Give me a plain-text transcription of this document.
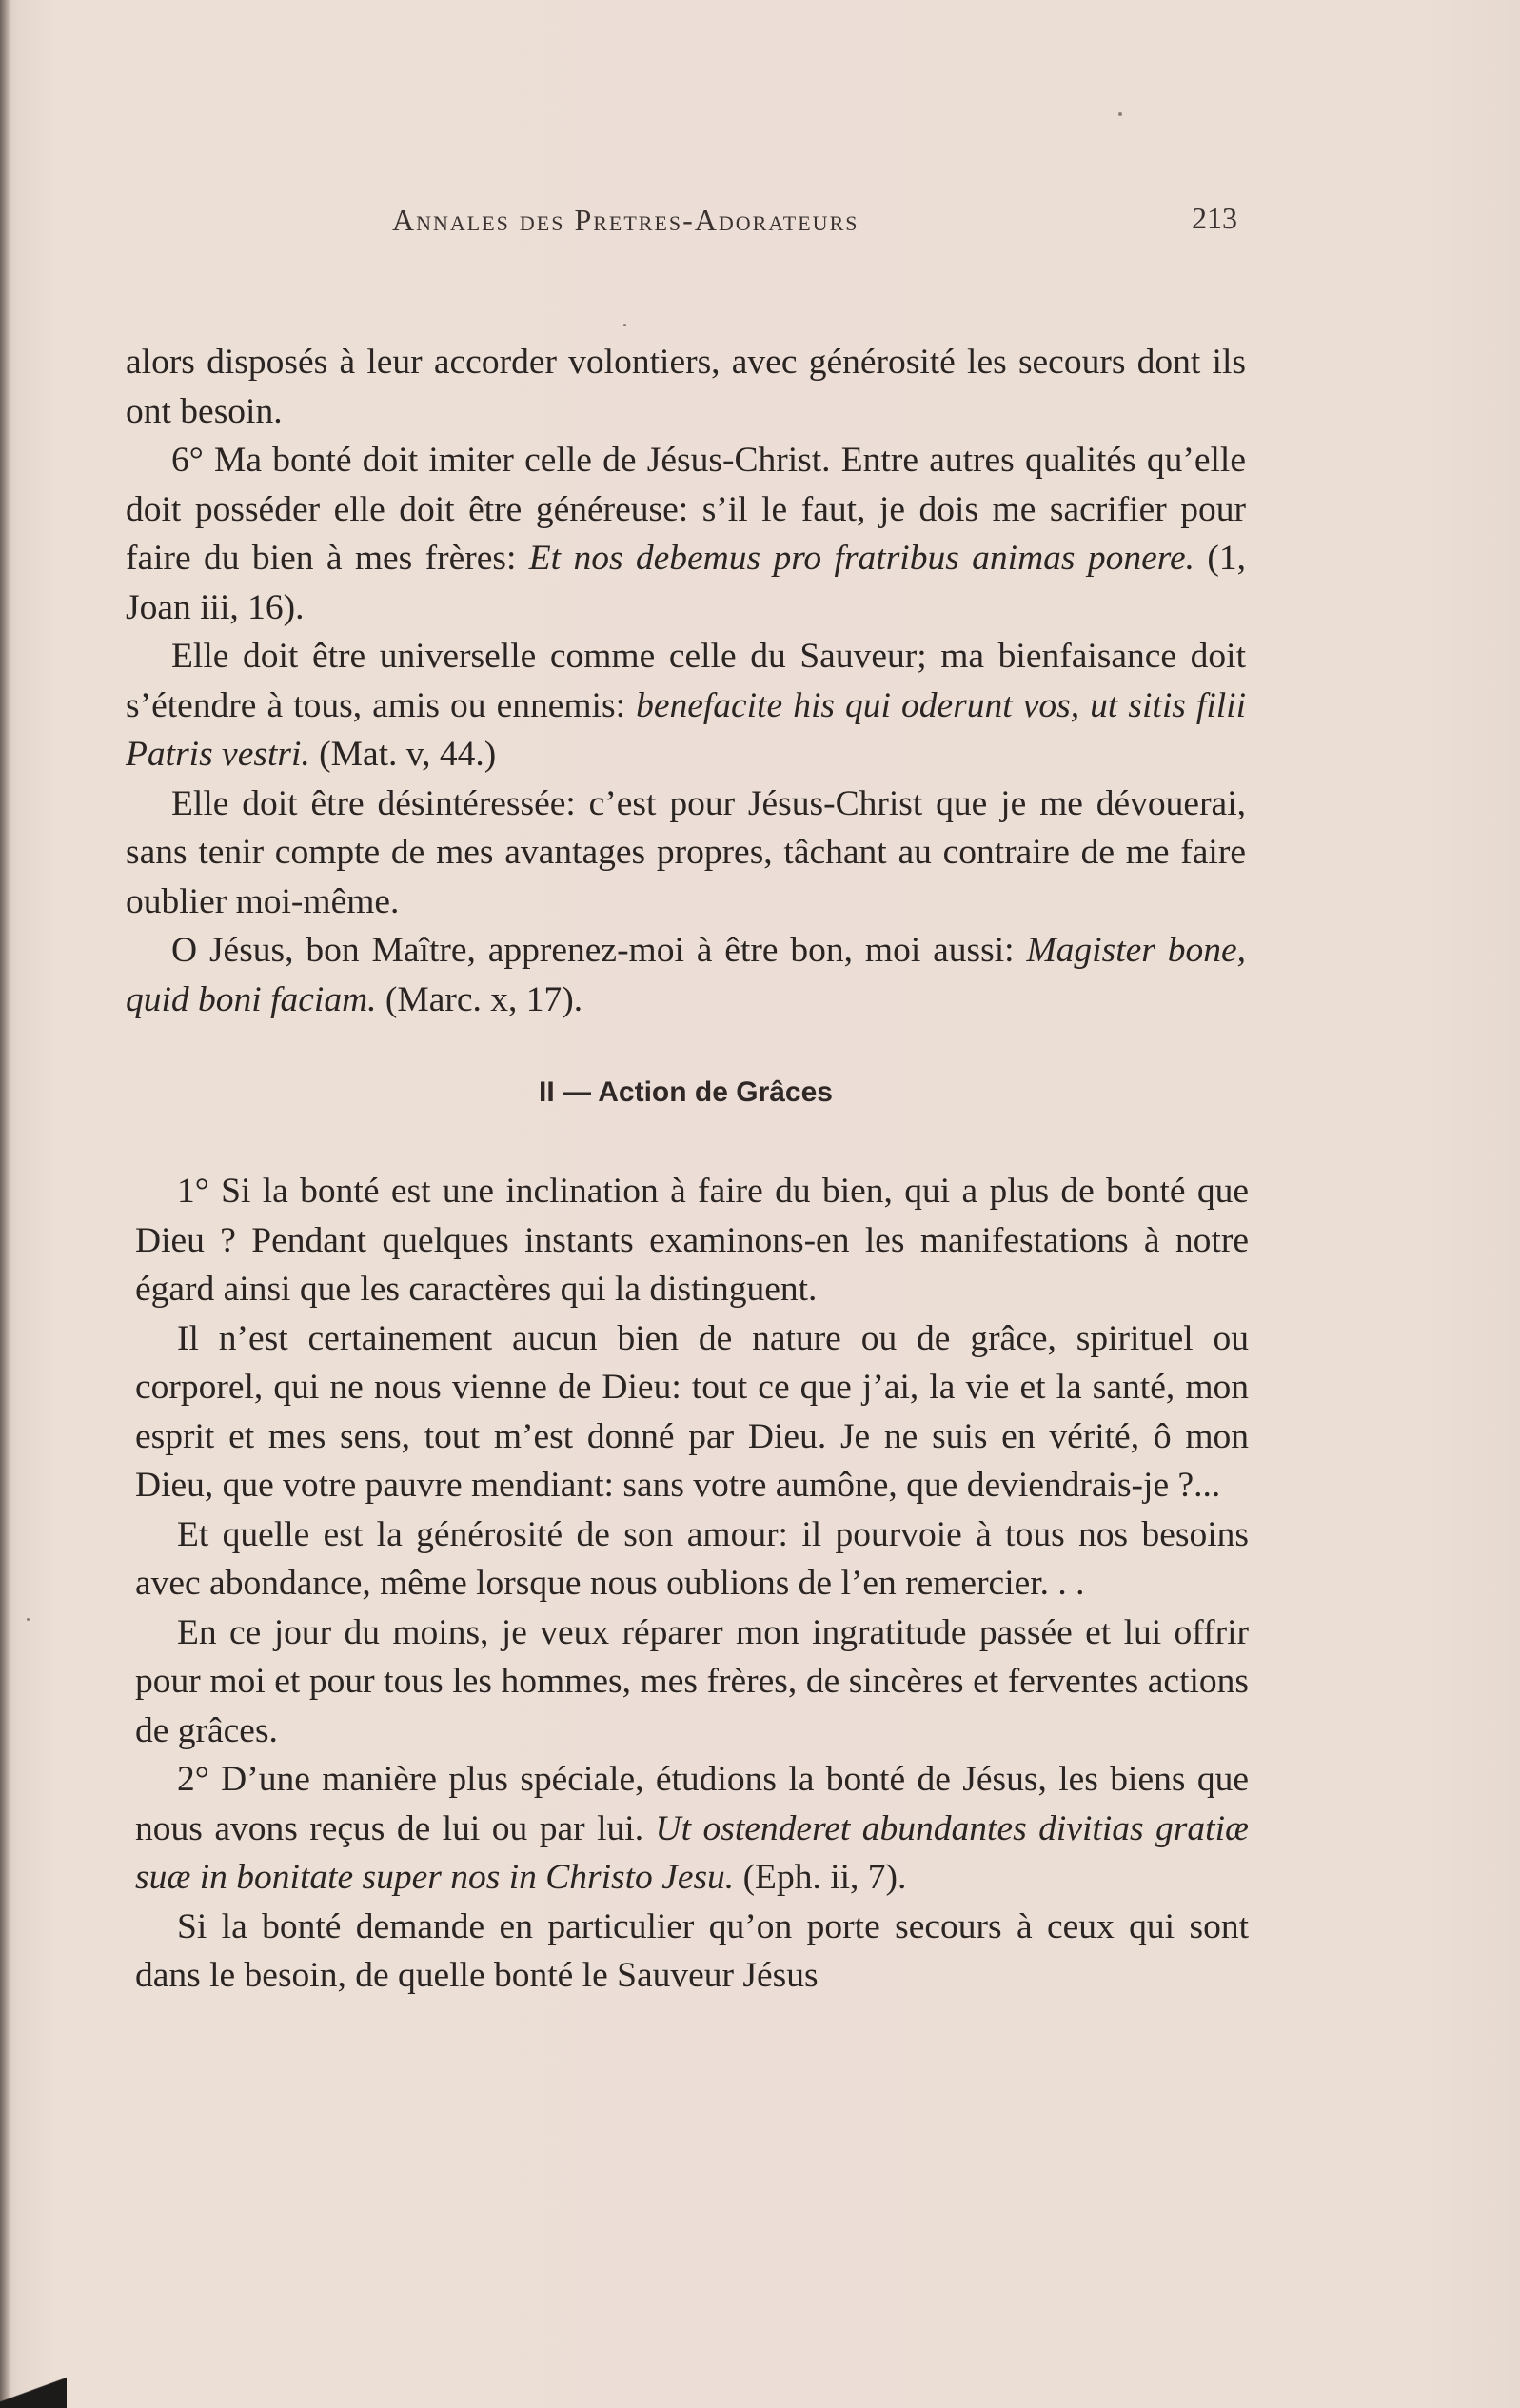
Annales des Pretres-Adorateurs	213

alors disposés à leur accorder volontiers, avec générosité les secours dont ils ont besoin.

6° Ma bonté doit imiter celle de Jésus-Christ. Entre autres qualités qu’elle doit posséder elle doit être généreuse: s’il le faut, je dois me sacrifier pour faire du bien à mes frères: Et nos debemus pro fratribus animas ponere. (1, Joan iii, 16).

Elle doit être universelle comme celle du Sauveur; ma bienfaisance doit s’étendre à tous, amis ou ennemis: benefacite his qui oderunt vos, ut sitis filii Patris vestri. (Mat. v, 44.)

Elle doit être désintéressée: c’est pour Jésus-Christ que je me dévouerai, sans tenir compte de mes avantages propres, tâchant au contraire de me faire oublier moi-même.

O Jésus, bon Maître, apprenez-moi à être bon, moi aussi: Magister bone, quid boni faciam. (Marc. x, 17).

II — Action de Grâces

1° Si la bonté est une inclination à faire du bien, qui a plus de bonté que Dieu ? Pendant quelques instants examinons-en les manifestations à notre égard ainsi que les caractères qui la distinguent.

Il n’est certainement aucun bien de nature ou de grâce, spirituel ou corporel, qui ne nous vienne de Dieu: tout ce que j’ai, la vie et la santé, mon esprit et mes sens, tout m’est donné par Dieu. Je ne suis en vérité, ô mon Dieu, que votre pauvre mendiant: sans votre aumône, que deviendrais-je ?...

Et quelle est la générosité de son amour: il pourvoie à tous nos besoins avec abondance, même lorsque nous oublions de l’en remercier. . .

En ce jour du moins, je veux réparer mon ingratitude passée et lui offrir pour moi et pour tous les hommes, mes frères, de sincères et ferventes actions de grâces.

2° D’une manière plus spéciale, étudions la bonté de Jésus, les biens que nous avons reçus de lui ou par lui. Ut ostenderet abundantes divitias gratiæ suæ in bonitate super nos in Christo Jesu. (Eph. ii, 7).

Si la bonté demande en particulier qu’on porte secours à ceux qui sont dans le besoin, de quelle bonté le Sauveur Jésus
